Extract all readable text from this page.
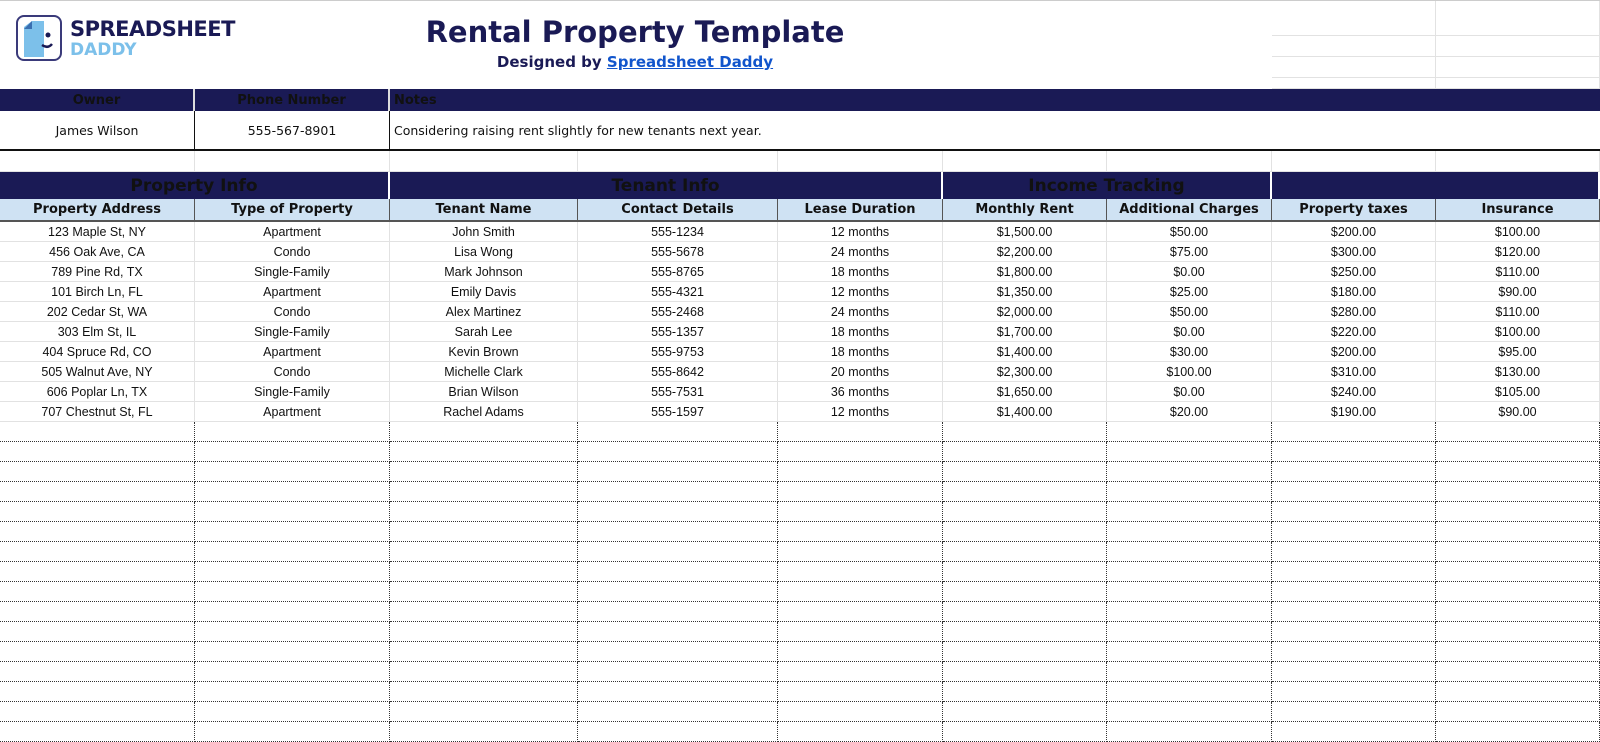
SPREADSHEET
DADDY
Rental Property Template
Designed by Spreadsheet Daddy
Owner	Phone Number	Notes
James Wilson	555-567-8901	Considering raising rent slightly for new tenants next year.
Property Info	Tenant Info	Income Tracking
Property Address	Type of Property	Tenant Name	Contact Details	Lease Duration	Monthly Rent	Additional Charges	Property taxes	Insurance
123 Maple St, NY	Apartment	John Smith	555-1234	12 months	$1,500.00	$50.00	$200.00	$100.00
456 Oak Ave, CA	Condo	Lisa Wong	555-5678	24 months	$2,200.00	$75.00	$300.00	$120.00
789 Pine Rd, TX	Single-Family	Mark Johnson	555-8765	18 months	$1,800.00	$0.00	$250.00	$110.00
101 Birch Ln, FL	Apartment	Emily Davis	555-4321	12 months	$1,350.00	$25.00	$180.00	$90.00
202 Cedar St, WA	Condo	Alex Martinez	555-2468	24 months	$2,000.00	$50.00	$280.00	$110.00
303 Elm St, IL	Single-Family	Sarah Lee	555-1357	18 months	$1,700.00	$0.00	$220.00	$100.00
404 Spruce Rd, CO	Apartment	Kevin Brown	555-9753	18 months	$1,400.00	$30.00	$200.00	$95.00
505 Walnut Ave, NY	Condo	Michelle Clark	555-8642	20 months	$2,300.00	$100.00	$310.00	$130.00
606 Poplar Ln, TX	Single-Family	Brian Wilson	555-7531	36 months	$1,650.00	$0.00	$240.00	$105.00
707 Chestnut St, FL	Apartment	Rachel Adams	555-1597	12 months	$1,400.00	$20.00	$190.00	$90.00
